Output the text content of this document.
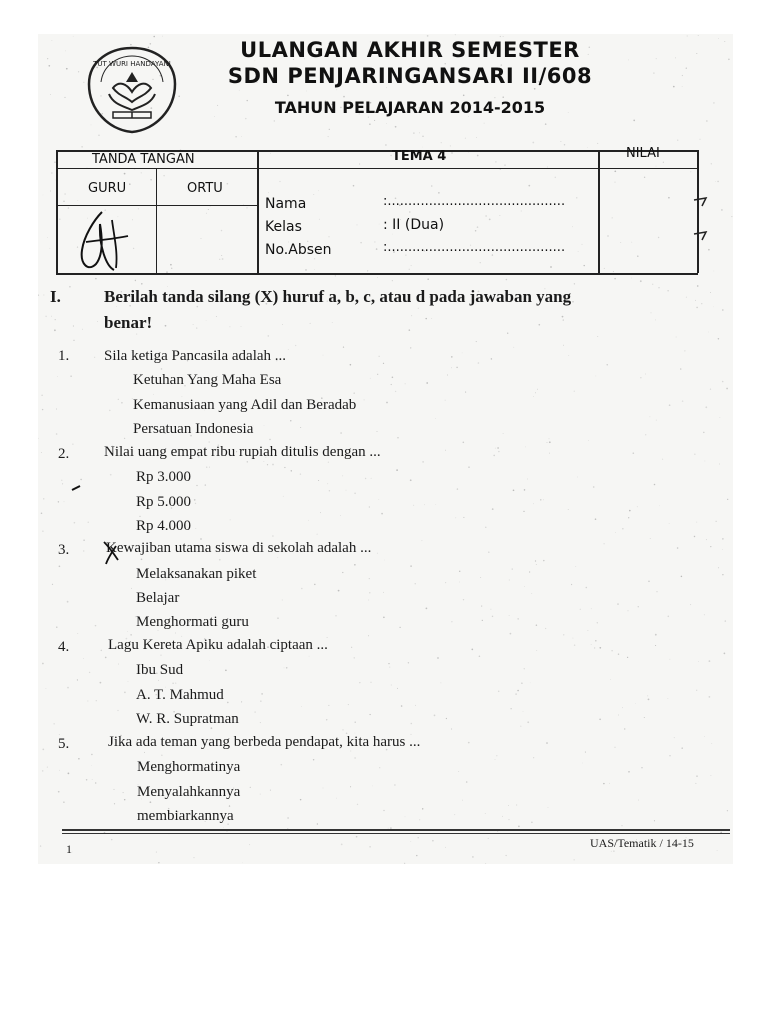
TUT WURI HANDAYANI
ULANGAN AKHIR SEMESTER
SDN PENJARINGANSARI II/608
TAHUN PELAJARAN 2014-2015
TANDA TANGAN
GURU	ORTU
TEMA 4	NILAI
Nama	:...........................................
Kelas	: II (Dua)
No.Absen	:...........................................
I.	Berilah tanda silang (X) huruf a, b, c, atau d pada jawaban yang
benar!
1. Sila ketiga Pancasila adalah ...
Ketuhan Yang Maha Esa
Kemanusiaan yang Adil dan Beradab
Persatuan Indonesia
2. Nilai uang empat ribu rupiah ditulis dengan ...
Rp 3.000
Rp 5.000
Rp 4.000
3. Kewajiban utama siswa di sekolah adalah ...
Melaksanakan piket
Belajar
Menghormati guru
4.	Lagu Kereta Apiku adalah ciptaan ...
Ibu Sud
A. T. Mahmud
W. R. Supratman
5.	Jika ada teman yang berbeda pendapat, kita harus ...
Menghormatinya
Menyalahkannya
membiarkannya
1	UAS/Tematik / 14-15
